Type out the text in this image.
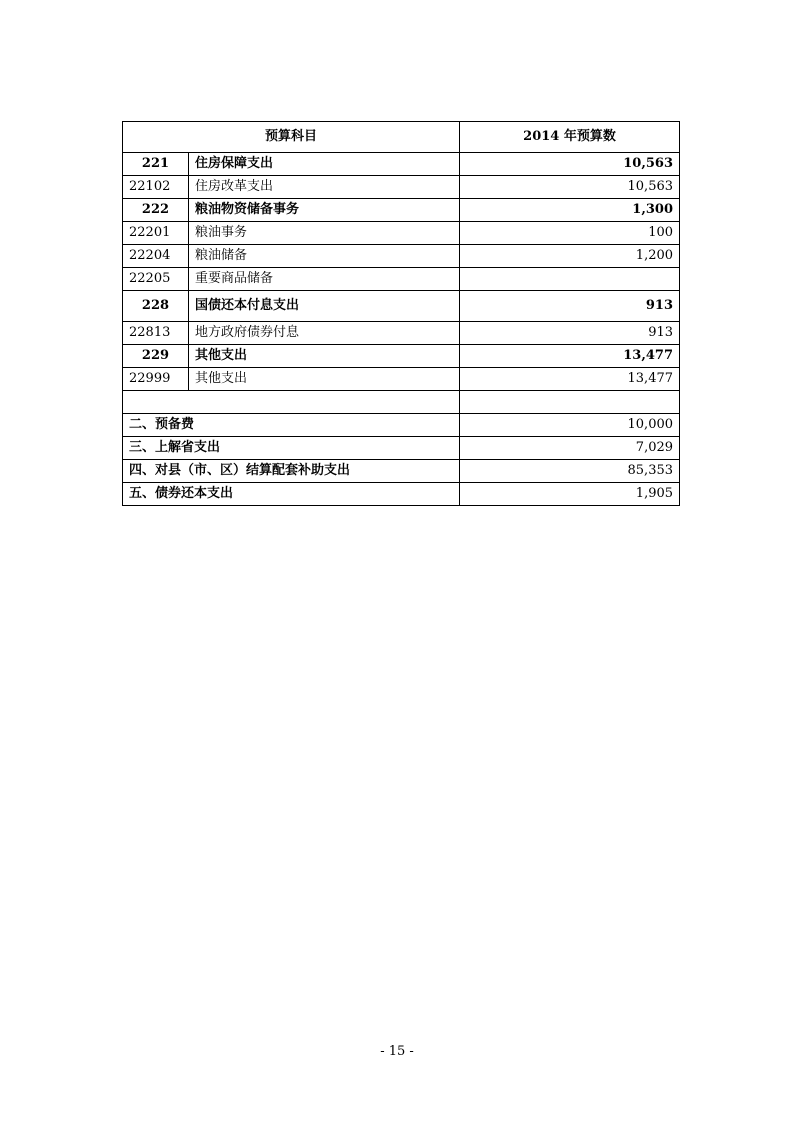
预算科目		2014 年预算数
221	住房保障支出	10,563
22102	住房改革支出	10,563
222	粮油物资储备事务	1,300
22201	粮油事务	100
22204	粮油储备	1,200
22205	重要商品储备	
228	国债还本付息支出	913
22813	地方政府债券付息	913
229	其他支出	13,477
22999	其他支出	13,477

二、预备费		10,000
三、上解省支出		7,029
四、对县（市、区）结算配套补助支出		85,353
五、债券还本支出		1,905
- 15 -
